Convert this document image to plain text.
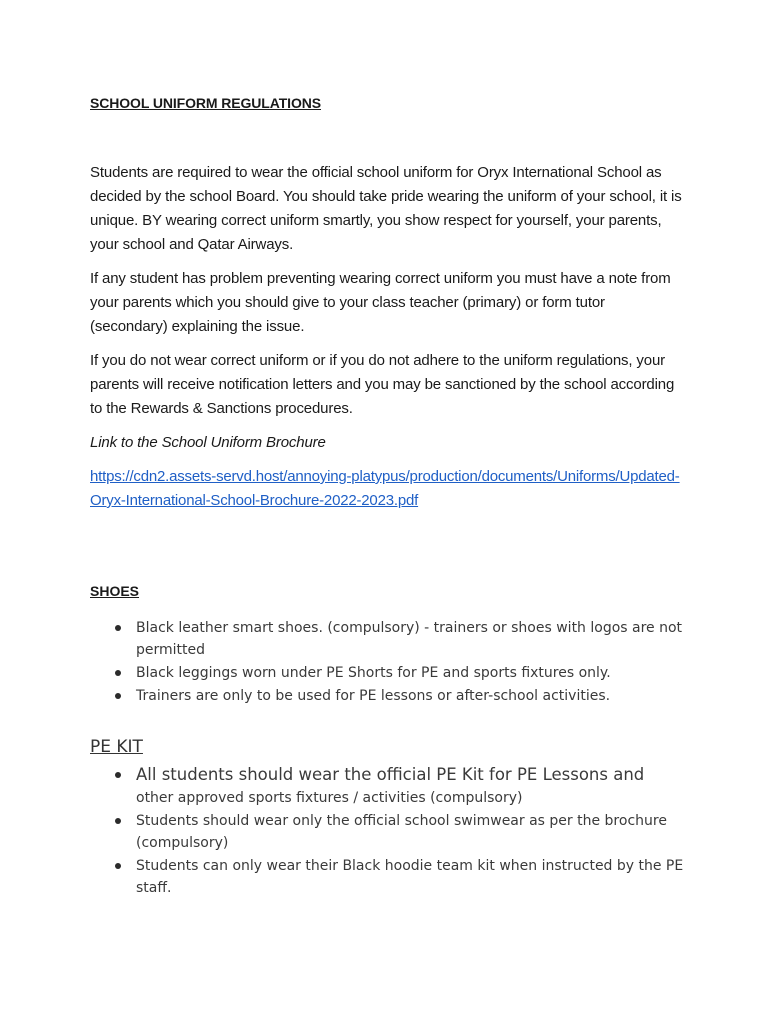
SCHOOL UNIFORM REGULATIONS

Students are required to wear the official school uniform for Oryx International School as decided by the school Board. You should take pride wearing the uniform of your school, it is unique. BY wearing correct uniform smartly, you show respect for yourself, your parents, your school and Qatar Airways.

If any student has problem preventing wearing correct uniform you must have a note from your parents which you should give to your class teacher (primary) or form tutor (secondary) explaining the issue.

If you do not wear correct uniform or if you do not adhere to the uniform regulations, your parents will receive notification letters and you may be sanctioned by the school according to the Rewards & Sanctions procedures.

Link to the School Uniform Brochure
https://cdn2.assets-servd.host/annoying-platypus/production/documents/Uniforms/Updated-Oryx-International-School-Brochure-2022-2023.pdf
SHOES
Black leather smart shoes. (compulsory) - trainers or shoes with logos are not permitted
Black leggings worn under PE Shorts for PE and sports fixtures only.
Trainers are only to be used for PE lessons or after-school activities.
PE KIT
All students should wear the official PE Kit for PE Lessons and
other approved sports fixtures / activities (compulsory)
Students should wear only the official school swimwear as per the brochure (compulsory)
Students can only wear their Black hoodie team kit when instructed by the PE staff.
